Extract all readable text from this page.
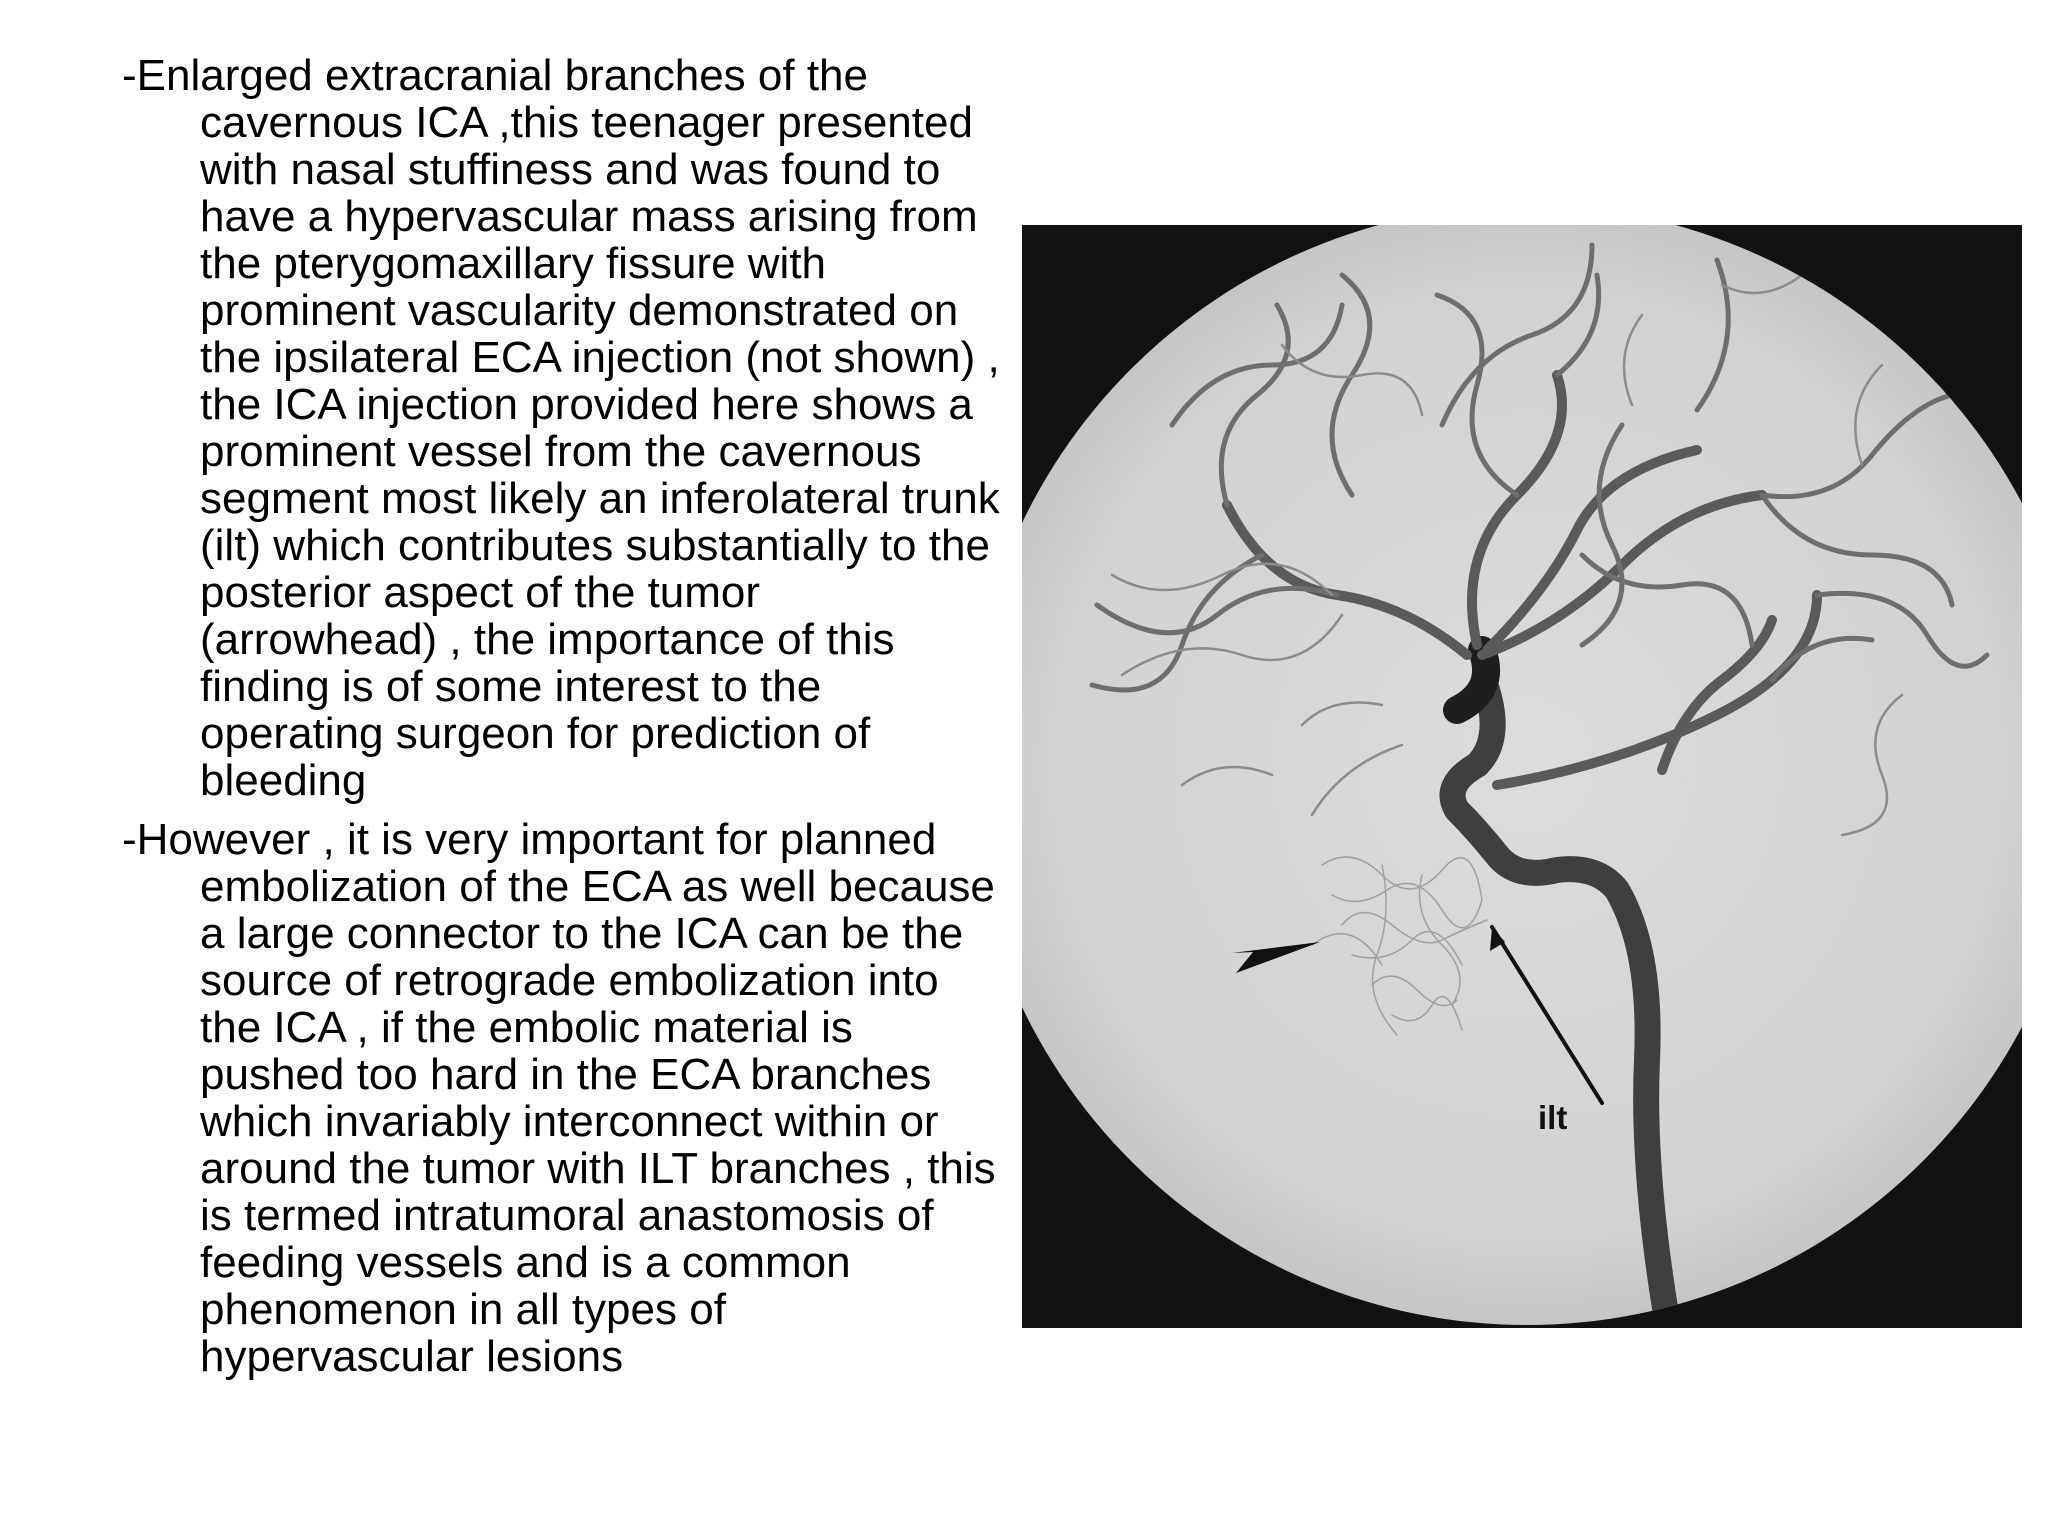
-Enlarged extracranial branches of the cavernous ICA ,this teenager presented with nasal stuffiness and was found to have a hypervascular mass arising from the pterygomaxillary fissure with prominent vascularity demonstrated on the ipsilateral ECA injection (not shown) , the ICA injection provided here shows a prominent vessel from the cavernous segment most likely an inferolateral trunk (ilt) which contributes substantially to the posterior aspect of the tumor (arrowhead) , the importance of this finding is of some interest to the operating surgeon for prediction of bleeding

-However , it is very important for planned embolization of the ECA as well because a large connector to the ICA can be the source of retrograde embolization into the ICA , if the embolic material is pushed too hard in the ECA branches which invariably interconnect within or around the tumor with ILT branches , this is termed intratumoral anastomosis of feeding vessels and is a common phenomenon in all types of hypervascular lesions

ilt
